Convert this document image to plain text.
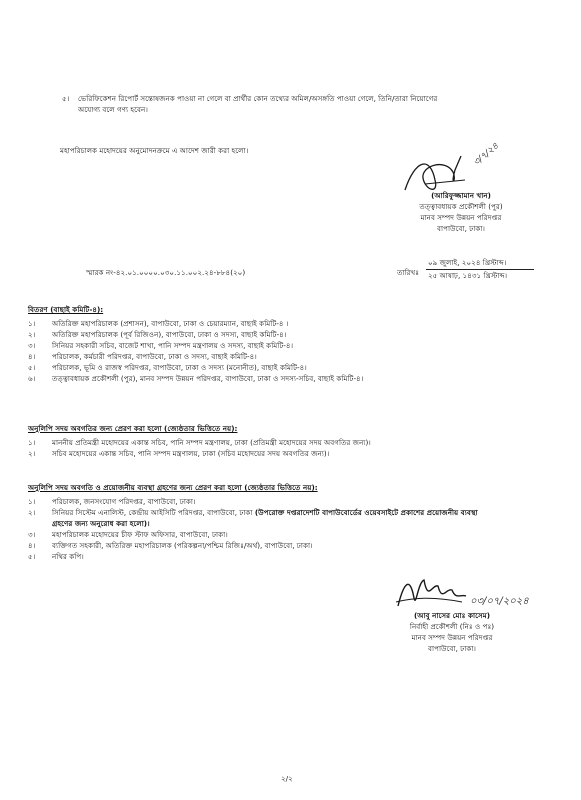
৫। ভেরিফিকেশন রিপোর্ট সন্তোষজনক পাওয়া না গেলে বা প্রার্থীর কোন তথ্যের অমিল/অসঙ্গতি পাওয়া গেলে, তিনি/তারা নিয়োগের
অযোগ্য বলে গণ্য হবেন।
মহাপরিচালক মহোদয়ের অনুমোদনক্রমে এ আদেশ জারী করা হলো।	৩/৭/২৪
(আরিফুজ্জামান খান)
তত্ত্বাবধায়ক প্রকৌশলী (পুর)
মানব সম্পদ উন্নয়ন পরিদপ্তর
বাপাউবো, ঢাকা।
স্মারক নং-৪২.০১.০০০০.০৩০.১১.০০২.২৪-৮৮৪(২০)	তারিখঃ
০৯ জুলাই, ২০২৪ খ্রিস্টাব্দ।
২৫ আষাঢ়, ১৪৩১ খ্রিস্টাব্দ।
বিতরণ (বাছাই কমিটি-৪):
১।	অতিরিক্ত মহাপরিচালক (প্রশাসন), বাপাউবো, ঢাকা ও চেয়ারম্যান, বাছাই কমিটি-৪ ।
২।	অতিরিক্ত মহাপরিচালক (পূর্ব রিজিওন), বাপাউবো, ঢাকা ও সদস্য, বাছাই কমিটি-৪।
৩।	সিনিয়র সহকারী সচিব, বাজেট শাখা, পানি সম্পদ মন্ত্রণালয় ও সদস্য, বাছাই কমিটি-৪।
৪।	পরিচালক, কর্মচারী পরিদপ্তর, বাপাউবো, ঢাকা ও সদস্য, বাছাই কমিটি-৪।
৫।	পরিচালক, ভূমি ও রাজস্ব পরিদপ্তর, বাপাউবো, ঢাকা ও সদস্য (মনোনীত), বাছাই কমিটি-৪।
৬।	তত্ত্বাবধায়ক প্রকৌশলী (পুর), মানব সম্পদ উন্নয়ন পরিদপ্তর, বাপাউবো, ঢাকা ও সদস্য-সচিব, বাছাই কমিটি-৪।
অনুলিপি সদয় অবগতির জন্য প্রেরণ করা হলো (জ্যেষ্ঠতার ভিত্তিতে নয়):
১।	মাননীয় প্রতিমন্ত্রী মহোদয়ের একান্ত সচিব, পানি সম্পদ মন্ত্রণালয়, ঢাকা (প্রতিমন্ত্রী মহোদয়ের সদয় অবগতির জন্য)।
২।	সচিব মহোদয়ের একান্ত সচিব, পানি সম্পদ মন্ত্রণালয়, ঢাকা (সচিব মহোদয়ের সদয় অবগতির জন্য)।
অনুলিপি সদয় অবগতি ও প্রয়োজনীয় ব্যবস্থা গ্রহণের জন্য প্রেরণ করা হলো (জ্যেষ্ঠতার ভিত্তিতে নয়):
১।	পরিচালক, জনসংযোগ পরিদপ্তর, বাপাউবো, ঢাকা।
২।	সিনিয়র সিস্টেম এনালিস্ট, কেন্দ্রীয় আইসিটি পরিদপ্তর, বাপাউবো, ঢাকা (উপরোক্ত দপ্তরাদেশটি বাপাউবোর্ডের ওয়েবসাইটে প্রকাশের প্রয়োজনীয় ব্যবস্থা গ্রহণের জন্য অনুরোধ করা হলো)।
৩।	মহাপরিচালক মহোদয়ের চীফ স্টাফ অফিসার, বাপাউবো, ঢাকা।
৪।	ব্যক্তিগত সহকারী, অতিরিক্ত মহাপরিচালক (পরিকল্পনা/পশ্চিম রিজিঃ/অর্থ), বাপাউবো, ঢাকা।
৫।	নথির কপি।
০৩/০৭/২০২৪
(আবু নাসের মোঃ কাসেম)
নির্বাহী প্রকৌশলী (নিঃ ও পঃ)
মানব সম্পদ উন্নয়ন পরিদপ্তর
বাপাউবো, ঢাকা।
২/২
